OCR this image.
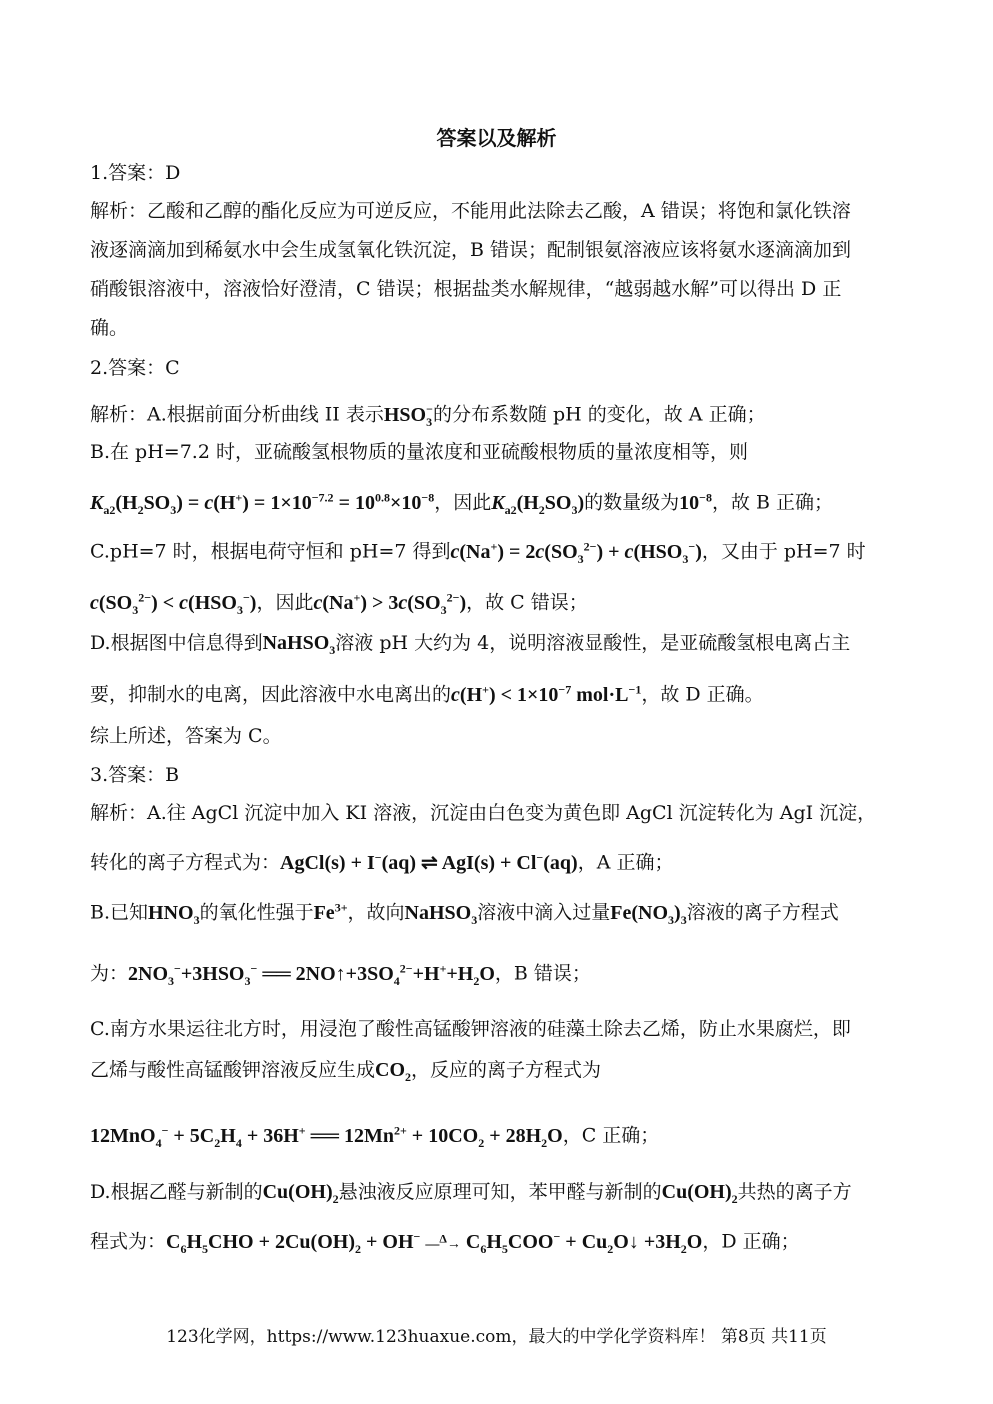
答案以及解析
1.答案：D
解析：乙酸和乙醇的酯化反应为可逆反应，不能用此法除去乙酸，A 错误；将饱和氯化铁溶
液逐滴滴加到稀氨水中会生成氢氧化铁沉淀，B 错误；配制银氨溶液应该将氨水逐滴滴加到
硝酸银溶液中，溶液恰好澄清，C 错误；根据盐类水解规律，“越弱越水解”可以得出 D 正
确。
2.答案：C
解析：A.根据前面分析曲线 II 表示$HSO_3^-$的分布系数随 pH 的变化，故 A 正确；
B.在 pH=7.2 时，亚硫酸氢根物质的量浓度和亚硫酸根物质的量浓度相等，则
$K_{a2}(H_2SO_3) = c(H^+) = 1\times 10^{-7.2} = 10^{0.8}\times 10^{-8}$，因此$K_{a2}(H_2SO_3)$的数量级为$10^{-8}$，故 B 正确；
C.pH=7 时，根据电荷守恒和 pH=7 得到$c(Na^+) = 2c(SO_3^{2-}) + c(HSO_3^-)$，又由于 pH=7 时
$c(SO_3^{2-}) < c(HSO_3^-)$，因此$c(Na^+) > 3c(SO_3^{2-})$，故 C 错误；
D.根据图中信息得到NaHSO$_3$溶液 pH 大约为 4，说明溶液显酸性，是亚硫酸氢根电离占主
要，抑制水的电离，因此溶液中水电离出的$c(H^+) < 1\times 10^{-7}$ $mol\cdot L^{-1}$，故 D 正确。
综上所述，答案为 C。
3.答案：B
解析：A.往 AgCl 沉淀中加入 KI 溶液，沉淀由白色变为黄色即 AgCl 沉淀转化为 AgI 沉淀，
转化的离子方程式为：AgCl(s) + I−(aq) ⇌ AgI(s) + Cl−(aq)，A 正确；
B.已知$HNO_3$的氧化性强于$Fe^{3+}$，故向NaHSO$_3$溶液中滴入过量$Fe(NO_3)_3$溶液的离子方程式
为：$2NO_3^-+3HSO_3^-$ ══ $2NO↑+3SO_4^{2-}+H^++H_2O$，B 错误；
C.南方水果运往北方时，用浸泡了酸性高锰酸钾溶液的硅藻土除去乙烯，防止水果腐烂，即
乙烯与酸性高锰酸钾溶液反应生成$CO_2$，反应的离子方程式为
$12MnO_4^- + 5C_2H_4 + 36H^+$ ══ $12Mn^{2+} + 10CO_2 + 28H_2O$，C 正确；
D.根据乙醛与新制的$Cu(OH)_2$悬浊液反应原理可知，苯甲醛与新制的$Cu(OH)_2$共热的离子方
程式为：$C_6H_5CHO + 2Cu(OH)_2 + OH^-$ —$^\Delta$→ $C_6H_5COO^-$ + $Cu_2O↓ +3H_2O$，D 正确；
123化学网，https://www.123huaxue.com，最大的中学化学资料库！ 第8页 共11页
